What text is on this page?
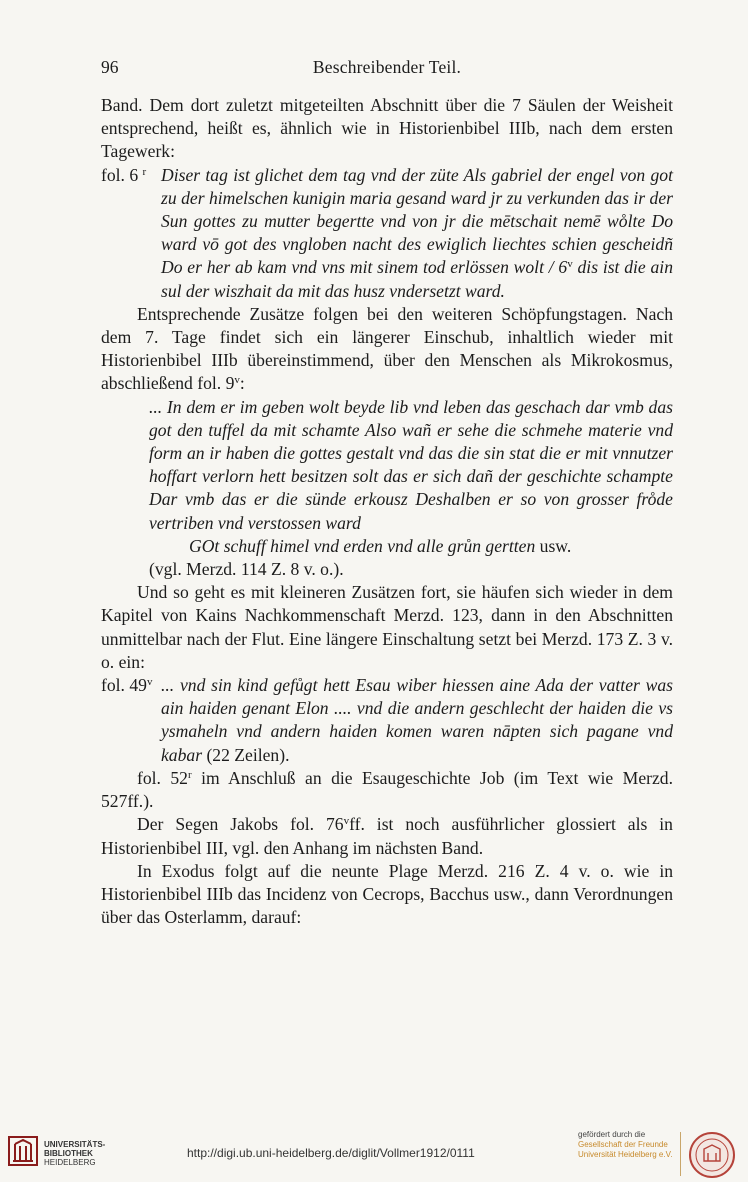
96	Beschreibender Teil.

Band. Dem dort zuletzt mitgeteilten Abschnitt über die 7 Säulen der Weisheit entsprechend, heißt es, ähnlich wie in Historienbibel IIIb, nach dem ersten Tagewerk:

fol. 6 $^r$ Diser tag ist glichet dem tag vnd der züte Als gabriel der engel von got zu der himelschen kunigin maria gesand ward jr zu verkunden das ir der Sun gottes zu mutter begertte vnd von jr die mētschait nemē wo̊lte Do ward vō got des vngloben nacht des ewiglich liechtes schien gescheidñ Do er her ab kam vnd vns mit sinem tod erlössen wolt / 6$^v$ dis ist die ain sul der wiszhait da mit das husz vndersetzt ward.

Entsprechende Zusätze folgen bei den weiteren Schöpfungstagen. Nach dem 7. Tage findet sich ein längerer Einschub, inhaltlich wieder mit Historienbibel IIIb übereinstimmend, über den Menschen als Mikrokosmus, abschließend fol. 9$^v$:

... In dem er im geben wolt beyde lib vnd leben das geschach dar vmb das got den tuffel da mit schamte Also wañ er sehe die schmehe materie vnd form an ir haben die gottes gestalt vnd das die sin stat die er mit vnnutzer hoffart verlorn hett besitzen solt das er sich dañ der geschichte schampte Dar vmb das er die sünde erkousz Deshalben er so von grosser fro̊de vertriben vnd verstossen ward

GOt schuff himel vnd erden vnd alle grůn gertten usw.
(vgl. Merzd. 114 Z. 8 v. o.).

Und so geht es mit kleineren Zusätzen fort, sie häufen sich wieder in dem Kapitel von Kains Nachkommenschaft Merzd. 123, dann in den Abschnitten unmittelbar nach der Flut. Eine längere Einschaltung setzt bei Merzd. 173 Z. 3 v. o. ein:

fol. 49$^v$ ... vnd sin kind gefůgt hett Esau wiber hiessen aine Ada der vatter was ain haiden genant Elon .... vnd die andern geschlecht der haiden die vs ysmaheln vnd andern haiden komen waren nāpten sich pagane vnd kabar (22 Zeilen).

fol. 52$^r$ im Anschluß an die Esaugeschichte Job (im Text wie Merzd. 527ff.).

Der Segen Jakobs fol. 76$^v$ff. ist noch ausführlicher glossiert als in Historienbibel III, vgl. den Anhang im nächsten Band.

In Exodus folgt auf die neunte Plage Merzd. 216 Z. 4 v. o. wie in Historienbibel IIIb das Incidenz von Cecrops, Bacchus usw., dann Verordnungen über das Osterlamm, darauf:

UNIVERSITÄTS-
BIBLIOTHEK
HEIDELBERG
http://digi.ub.uni-heidelberg.de/diglit/Vollmer1912/0111
gefördert durch die
Gesellschaft der Freunde
Universität Heidelberg e.V.
